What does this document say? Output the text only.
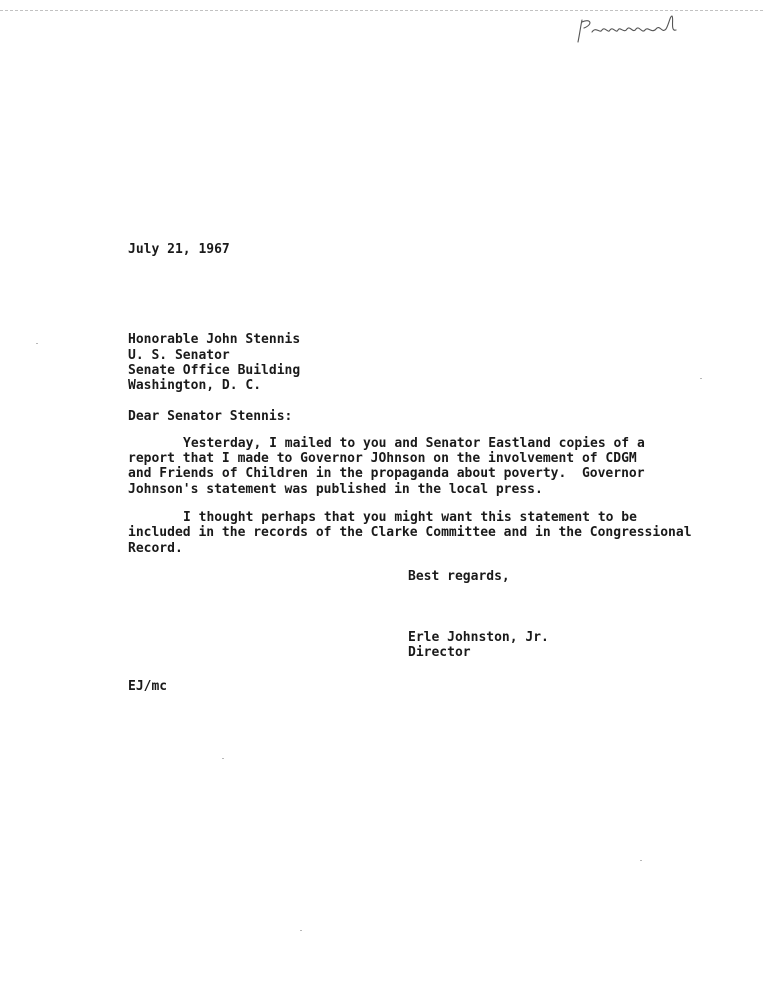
July 21, 1967
Honorable John Stennis
U. S. Senator
Senate Office Building
Washington, D. C.
Dear Senator Stennis:
Yesterday, I mailed to you and Senator Eastland copies of a
report that I made to Governor JOhnson on the involvement of CDGM
and Friends of Children in the propaganda about poverty.  Governor
Johnson's statement was published in the local press.
I thought perhaps that you might want this statement to be
included in the records of the Clarke Committee and in the Congressional
Record.
Best regards,
Erle Johnston, Jr.
Director
EJ/mc
